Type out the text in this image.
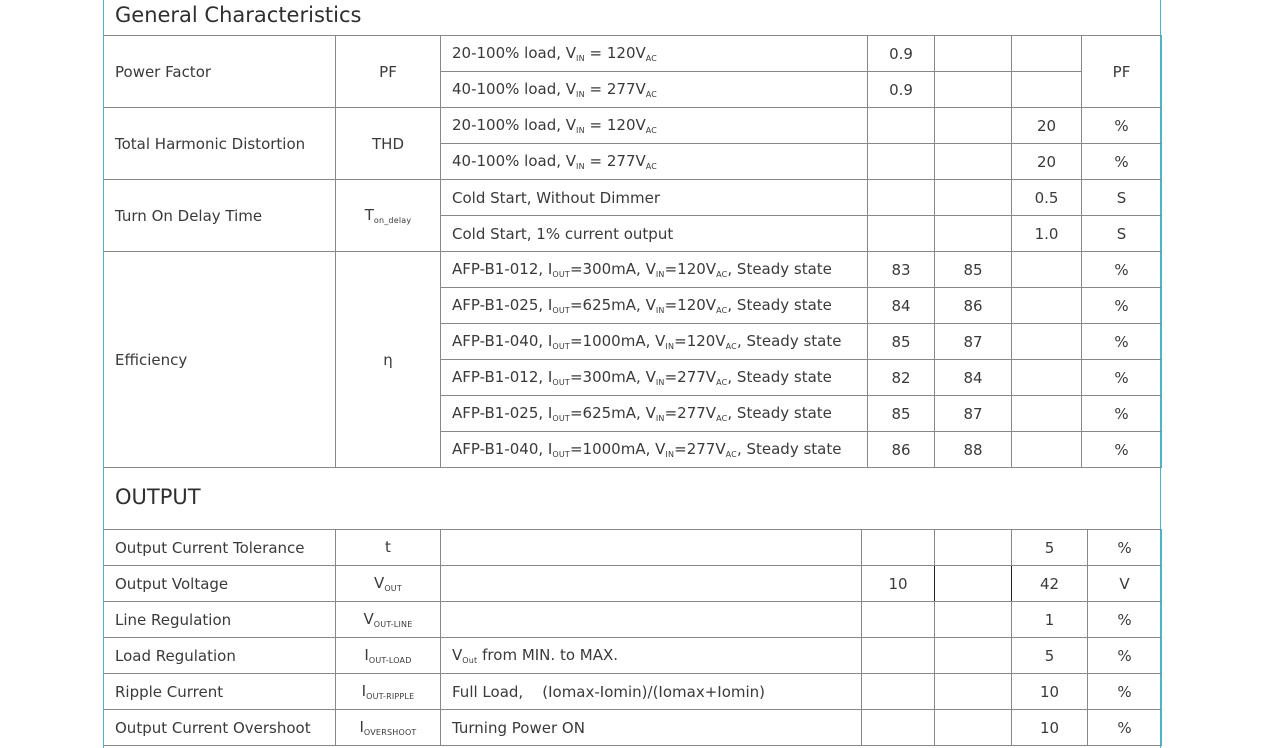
General Characteristics
Power Factor	PF	20-100% load, $V_{IN} = 120V_{AC}$	0.9			PF
		40-100% load, $V_{IN} = 277V_{AC}$	0.9			
Total Harmonic Distortion	THD	20-100% load, $V_{IN} = 120V_{AC}$			20	%
		40-100% load, $V_{IN} = 277V_{AC}$			20	%
Turn On Delay Time	$T_{on\_delay}$	Cold Start, Without Dimmer			0.5	S
		Cold Start, 1% current output			1.0	S
Efficiency	η	AFP-B1-012, $I_{OUT}=300mA$, $V_{IN}=120V_{AC}$, Steady state	83	85		%
		AFP-B1-025, $I_{OUT}=625mA$, $V_{IN}=120V_{AC}$, Steady state	84	86		%
		AFP-B1-040, $I_{OUT}=1000mA$, $V_{IN}=120V_{AC}$, Steady state	85	87		%
		AFP-B1-012, $I_{OUT}=300mA$, $V_{IN}=277V_{AC}$, Steady state	82	84		%
		AFP-B1-025, $I_{OUT}=625mA$, $V_{IN}=277V_{AC}$, Steady state	85	87		%
		AFP-B1-040, $I_{OUT}=1000mA$, $V_{IN}=277V_{AC}$, Steady state	86	88		%
OUTPUT
Output Current Tolerance	t				5	%
Output Voltage	$V_{OUT}$		10		42	V
Line Regulation	$V_{OUT-LINE}$				1	%
Load Regulation	$I_{OUT-LOAD}$	$V_{Out}$ from MIN. to MAX.			5	%
Ripple Current	$I_{OUT-RIPPLE}$	Full Load,    (Iomax-Iomin)/(Iomax+Iomin)			10	%
Output Current Overshoot	$I_{OVERSHOOT}$	Turning Power ON			10	%
